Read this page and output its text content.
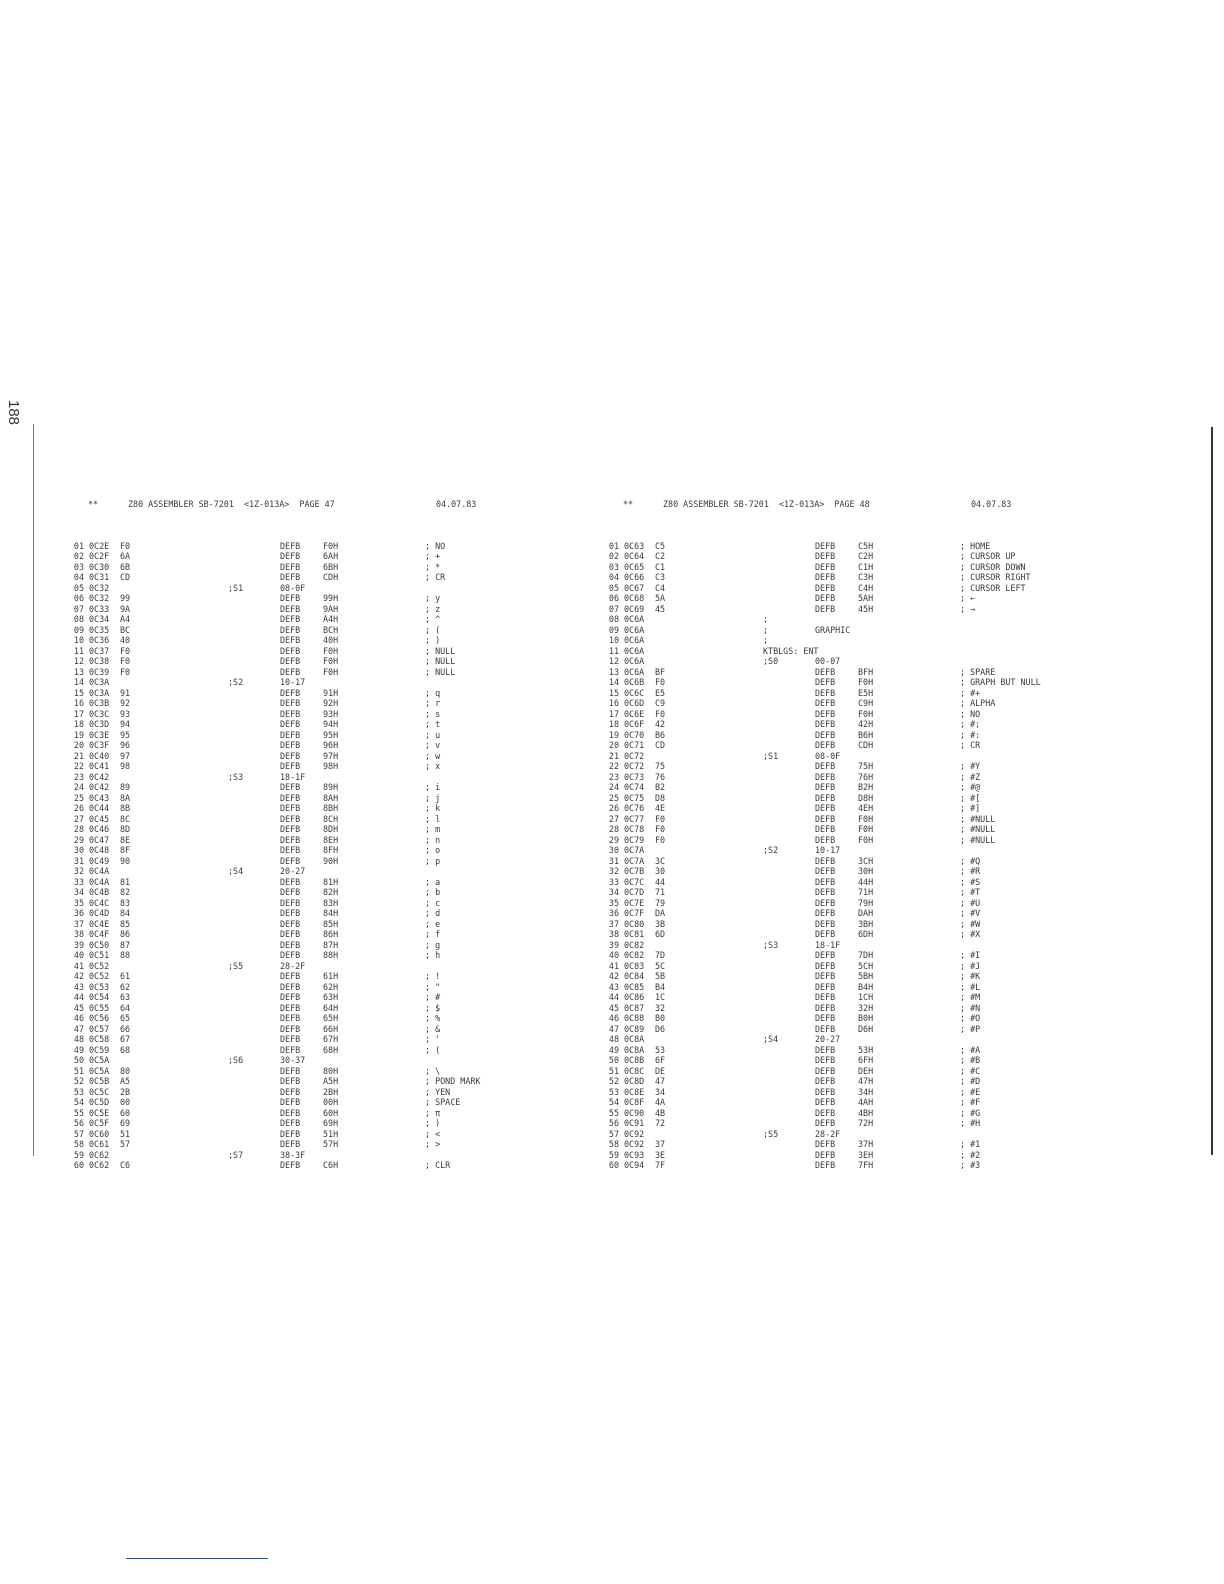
188

**

	Z80 ASSEMBLER SB-7201  <1Z-013A>  PAGE 47

	04.07.83

01 0C2E F0	DEFB	F0H	; NO
02 0C2F 6A	DEFB	6AH	; +
03 0C30 6B	DEFB	6BH	; *
04 0C31 CD	DEFB	CDH	; CR
05 0C32	;S1	08-0F
06 0C32 99	DEFB	99H	; y
07 0C33 9A	DEFB	9AH	; z
08 0C34 A4	DEFB	A4H	; ^
09 0C35 BC	DEFB	BCH	; (
10 0C36 40	DEFB	40H	; )
11 0C37 F0	DEFB	F0H	; NULL
12 0C38 F0	DEFB	F0H	; NULL
13 0C39 F0	DEFB	F0H	; NULL
14 0C3A	;S2	10-17
15 0C3A 91	DEFB	91H	; q
16 0C3B 92	DEFB	92H	; r
17 0C3C 93	DEFB	93H	; s
18 0C3D 94	DEFB	94H	; t
19 0C3E 95	DEFB	95H	; u
20 0C3F 96	DEFB	96H	; v
21 0C40 97	DEFB	97H	; w
22 0C41 98	DEFB	98H	; x
23 0C42	;S3	18-1F
24 0C42 89	DEFB	89H	; i
25 0C43 8A	DEFB	8AH	; j
26 0C44 8B	DEFB	8BH	; k
27 0C45 8C	DEFB	8CH	; l
28 0C46 8D	DEFB	8DH	; m
29 0C47 8E	DEFB	8EH	; n
30 0C48 8F	DEFB	8FH	; o
31 0C49 90	DEFB	90H	; p
32 0C4A	;S4	20-27
33 0C4A 81	DEFB	81H	; a
34 0C4B 82	DEFB	82H	; b
35 0C4C 83	DEFB	83H	; c
36 0C4D 84	DEFB	84H	; d
37 0C4E 85	DEFB	85H	; e
38 0C4F 86	DEFB	86H	; f
39 0C50 87	DEFB	87H	; g
40 0C51 88	DEFB	88H	; h
41 0C52	;S5	28-2F
42 0C52 61	DEFB	61H	; !
43 0C53 62	DEFB	62H	; "
44 0C54 63	DEFB	63H	; #
45 0C55 64	DEFB	64H	; $
46 0C56 65	DEFB	65H	; %
47 0C57 66	DEFB	66H	; &
48 0C58 67	DEFB	67H	; '
49 0C59 68	DEFB	68H	; (
50 0C5A	;S6	30-37
51 0C5A 80	DEFB	80H	; \
52 0C5B A5	DEFB	A5H	; POND MARK
53 0C5C 2B	DEFB	2BH	; YEN
54 0C5D 00	DEFB	00H	; SPACE
55 0C5E 60	DEFB	60H	; π
56 0C5F 69	DEFB	69H	; )
57 0C60 51	DEFB	51H	; <
58 0C61 57	DEFB	57H	; >
59 0C62	;S7	38-3F
60 0C62 C6	DEFB	C6H	; CLR

**

	Z80 ASSEMBLER SB-7201  <1Z-013A>  PAGE 48

	04.07.83

01 0C63 C5	DEFB	C5H	; HOME
02 0C64 C2	DEFB	C2H	; CURSOR UP
03 0C65 C1	DEFB	C1H	; CURSOR DOWN
04 0C66 C3	DEFB	C3H	; CURSOR RIGHT
05 0C67 C4	DEFB	C4H	; CURSOR LEFT
06 0C68 5A	DEFB	5AH	; ←
07 0C69 45	DEFB	45H	; →
08 0C6A	;
09 0C6A	;	GRAPHIC
10 0C6A	;
11 0C6A	KTBLGS: ENT
12 0C6A	;S0	00-07
13 0C6A BF	DEFB	BFH	; SPARE
14 0C6B F0	DEFB	F0H	; GRAPH BUT NULL
15 0C6C E5	DEFB	E5H	; #+
16 0C6D C9	DEFB	C9H	; ALPHA
17 0C6E F0	DEFB	F0H	; NO
18 0C6F 42	DEFB	42H	; #;
19 0C70 B6	DEFB	B6H	; #:
20 0C71 CD	DEFB	CDH	; CR
21 0C72	;S1	08-0F
22 0C72 75	DEFB	75H	; #Y
23 0C73 76	DEFB	76H	; #Z
24 0C74 B2	DEFB	B2H	; #@
25 0C75 D8	DEFB	D8H	; #[
26 0C76 4E	DEFB	4EH	; #]
27 0C77 F0	DEFB	F0H	; #NULL
28 0C78 F0	DEFB	F0H	; #NULL
29 0C79 F0	DEFB	F0H	; #NULL
30 0C7A	;S2	10-17
31 0C7A 3C	DEFB	3CH	; #Q
32 0C7B 30	DEFB	30H	; #R
33 0C7C 44	DEFB	44H	; #S
34 0C7D 71	DEFB	71H	; #T
35 0C7E 79	DEFB	79H	; #U
36 0C7F DA	DEFB	DAH	; #V
37 0C80 3B	DEFB	3BH	; #W
38 0C81 6D	DEFB	6DH	; #X
39 0C82	;S3	18-1F
40 0C82 7D	DEFB	7DH	; #I
41 0C83 5C	DEFB	5CH	; #J
42 0C84 5B	DEFB	5BH	; #K
43 0C85 B4	DEFB	B4H	; #L
44 0C86 1C	DEFB	1CH	; #M
45 0C87 32	DEFB	32H	; #N
46 0C88 B0	DEFB	B0H	; #O
47 0C89 D6	DEFB	D6H	; #P
48 0C8A	;S4	20-27
49 0C8A 53	DEFB	53H	; #A
50 0C8B 6F	DEFB	6FH	; #B
51 0C8C DE	DEFB	DEH	; #C
52 0C8D 47	DEFB	47H	; #D
53 0C8E 34	DEFB	34H	; #E
54 0C8F 4A	DEFB	4AH	; #F
55 0C90 4B	DEFB	4BH	; #G
56 0C91 72	DEFB	72H	; #H
57 0C92	;S5	28-2F
58 0C92 37	DEFB	37H	; #1
59 0C93 3E	DEFB	3EH	; #2
60 0C94 7F	DEFB	7FH	; #3
